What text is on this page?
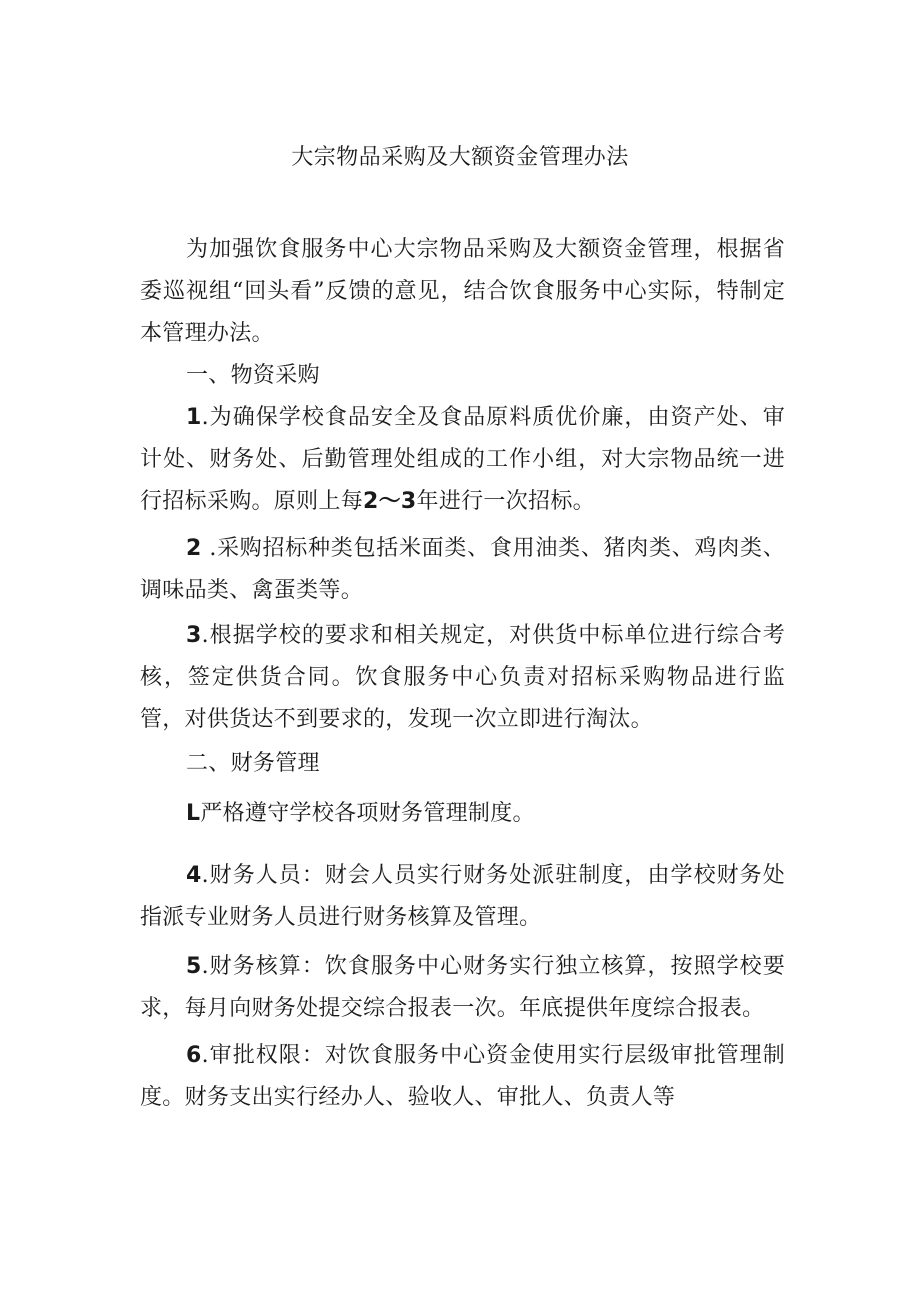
大宗物品采购及大额资金管理办法

为加强饮食服务中心大宗物品采购及大额资金管理，根据省委巡视组“回头看”反馈的意见，结合饮食服务中心实际，特制定本管理办法。

一、物资采购

1.为确保学校食品安全及食品原料质优价廉，由资产处、审计处、财务处、后勤管理处组成的工作小组，对大宗物品统一进行招标采购。原则上每2～3年进行一次招标。

2 .采购招标种类包括米面类、食用油类、猪肉类、鸡肉类、调味品类、禽蛋类等。

3.根据学校的要求和相关规定，对供货中标单位进行综合考核，签定供货合同。饮食服务中心负责对招标采购物品进行监管，对供货达不到要求的，发现一次立即进行淘汰。

二、财务管理

L严格遵守学校各项财务管理制度。

4.财务人员：财会人员实行财务处派驻制度，由学校财务处指派专业财务人员进行财务核算及管理。

5.财务核算：饮食服务中心财务实行独立核算，按照学校要求，每月向财务处提交综合报表一次。年底提供年度综合报表。

6.审批权限：对饮食服务中心资金使用实行层级审批管理制度。财务支出实行经办人、验收人、审批人、负责人等
